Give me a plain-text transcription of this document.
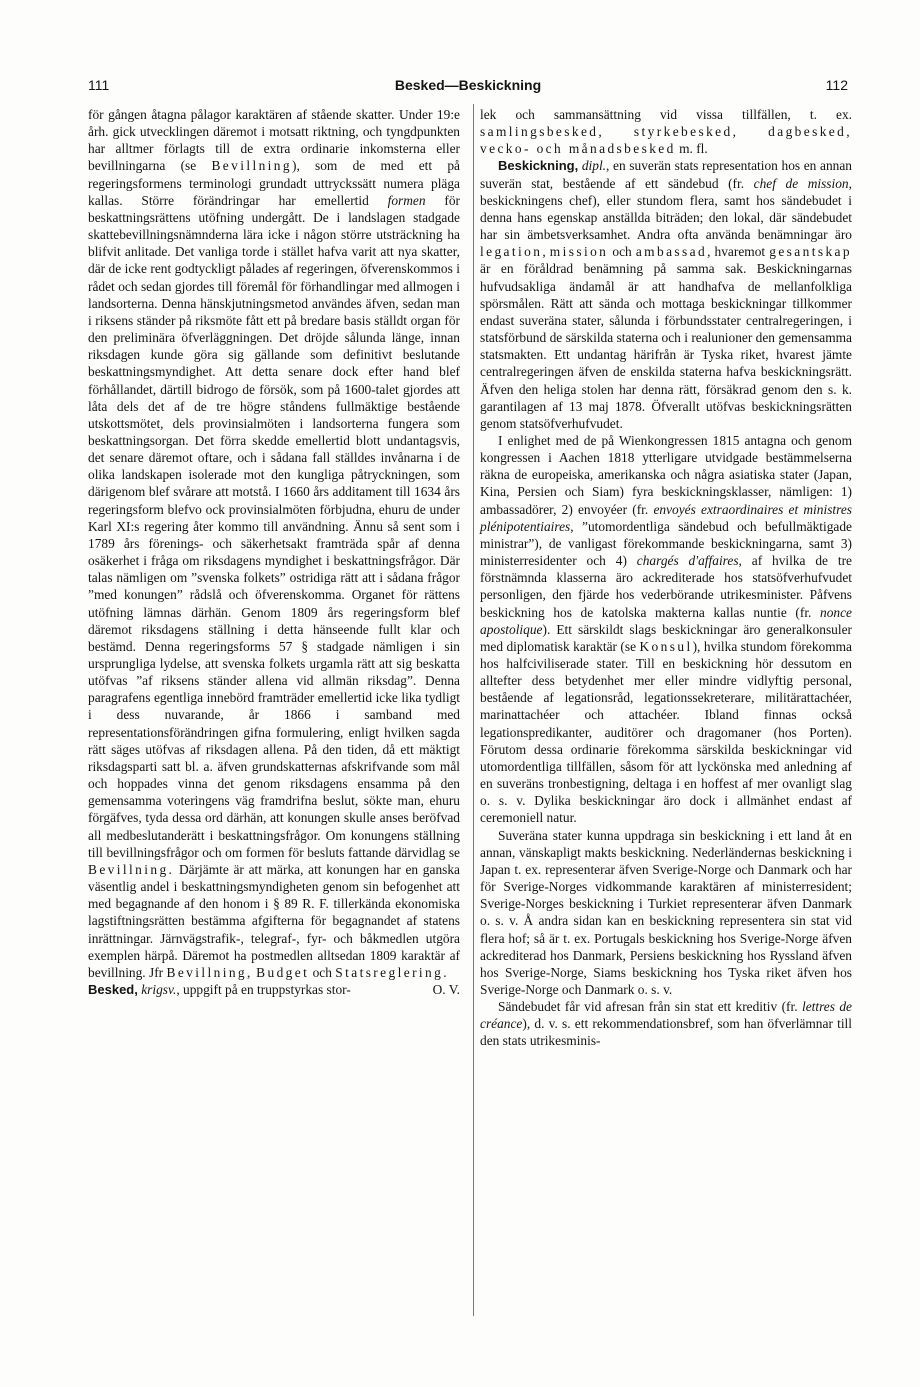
111	Besked—Beskickning	112

för gången åtagna pålagor karaktären af stående skatter. Under 19:e årh. gick utvecklingen däremot i motsatt riktning, och tyngdpunkten har alltmer förlagts till de extra ordinarie inkomsterna eller bevillningarna (se Bevillning), som de med ett på regeringsformens terminologi grundadt uttryckssätt numera pläga kallas. Större förändringar har emellertid formen för beskattningsrättens utöfning undergått. De i landslagen stadgade skattebevillningsnämnderna lära icke i någon större utsträckning ha blifvit anlitade. Det vanliga torde i stället hafva varit att nya skatter, där de icke rent godtyckligt pålades af regeringen, öfverenskommos i rådet och sedan gjordes till föremål för förhandlingar med allmogen i landsorterna. Denna hänskjutningsmetod användes äfven, sedan man i riksens ständer på riksmöte fått ett på bredare basis ställdt organ för den preliminära öfverläggningen. Det dröjde sålunda länge, innan riksdagen kunde göra sig gällande som definitivt beslutande beskattningsmyndighet. Att detta senare dock efter hand blef förhållandet, därtill bidrogo de försök, som på 1600-talet gjordes att låta dels det af de tre högre ståndens fullmäktige bestående utskottsmötet, dels provinsialmöten i landsorterna fungera som beskattningsorgan. Det förra skedde emellertid blott undantagsvis, det senare däremot oftare, och i sådana fall ställdes invånarna i de olika landskapen isolerade mot den kungliga påtryckningen, som därigenom blef svårare att motstå. I 1660 års additament till 1634 års regeringsform blefvo ock provinsialmöten förbjudna, ehuru de under Karl XI:s regering åter kommo till användning. Ännu så sent som i 1789 års förenings- och säkerhetsakt framträda spår af denna osäkerhet i fråga om riksdagens myndighet i beskattningsfrågor. Där talas nämligen om ”svenska folkets” ostridiga rätt att i sådana frågor ”med konungen” rådslå och öfverenskomma. Organet för rättens utöfning lämnas därhän. Genom 1809 års regeringsform blef däremot riksdagens ställning i detta hänseende fullt klar och bestämd. Denna regeringsforms 57 § stadgade nämligen i sin ursprungliga lydelse, att svenska folkets urgamla rätt att sig beskatta utöfvas ”af riksens ständer allena vid allmän riksdag”. Denna paragrafens egentliga innebörd framträder emellertid icke lika tydligt i dess nuvarande, år 1866 i samband med representationsförändringen gifna formulering, enligt hvilken sagda rätt säges utöfvas af riksdagen allena. På den tiden, då ett mäktigt riksdagsparti satt bl. a. äfven grundskatternas afskrifvande som mål och hoppades vinna det genom riksdagens ensamma på den gemensamma voteringens väg framdrifna beslut, sökte man, ehuru förgäfves, tyda dessa ord därhän, att konungen skulle anses beröfvad all medbeslutanderätt i beskattningsfrågor. Om konungens ställning till bevillningsfrågor och om formen för besluts fattande därvidlag se Bevillning. Därjämte är att märka, att konungen har en ganska väsentlig andel i beskattningsmyndigheten genom sin befogenhet att med begagnande af den honom i § 89 R. F. tillerkända ekonomiska lagstiftningsrätten bestämma afgifterna för begagnandet af statens inrättningar. Järnvägstrafik-, telegraf-, fyr- och båkmedlen utgöra exemplen härpå. Däremot ha postmedlen alltsedan 1809 karaktär af bevillning. Jfr Bevillning, Budget och Statsreglering.
O. V.

Besked, krigsv., uppgift på en truppstyrkas stor-

lek och sammansättning vid vissa tillfällen, t. ex. samlingsbesked, styrkebesked, dagbesked, vecko- och månadsbesked m. fl.

Beskickning, dipl., en suverän stats representation hos en annan suverän stat, bestående af ett sändebud (fr. chef de mission, beskickningens chef), eller stundom flera, samt hos sändebudet i denna hans egenskap anställda biträden; den lokal, där sändebudet har sin ämbetsverksamhet. Andra ofta använda benämningar äro legation, mission och ambassad, hvaremot gesantskap är en föråldrad benämning på samma sak. Beskickningarnas hufvudsakliga ändamål är att handhafva de mellanfolkliga spörsmålen. Rätt att sända och mottaga beskickningar tillkommer endast suveräna stater, sålunda i förbundsstater centralregeringen, i statsförbund de särskilda staterna och i realunioner den gemensamma statsmakten. Ett undantag härifrån är Tyska riket, hvarest jämte centralregeringen äfven de enskilda staterna hafva beskickningsrätt. Äfven den heliga stolen har denna rätt, försäkrad genom den s. k. garantilagen af 13 maj 1878. Öfverallt utöfvas beskickningsrätten genom statsöfverhufvudet.

I enlighet med de på Wienkongressen 1815 antagna och genom kongressen i Aachen 1818 ytterligare utvidgade bestämmelserna räkna de europeiska, amerikanska och några asiatiska stater (Japan, Kina, Persien och Siam) fyra beskickningsklasser, nämligen: 1) ambassadörer, 2) envoyéer (fr. envoyés extraordinaires et ministres plénipotentiaires, ”utomordentliga sändebud och befullmäktigade ministrar”), de vanligast förekommande beskickningarna, samt 3) ministerresidenter och 4) chargés d'affaires, af hvilka de tre förstnämnda klasserna äro ackrediterade hos statsöfverhufvudet personligen, den fjärde hos vederbörande utrikesminister. Påfvens beskickning hos de katolska makterna kallas nuntie (fr. nonce apostolique). Ett särskildt slags beskickningar äro generalkonsuler med diplomatisk karaktär (se Konsul), hvilka stundom förekomma hos halfciviliserade stater. Till en beskickning hör dessutom en alltefter dess betydenhet mer eller mindre vidlyftig personal, bestående af legationsråd, legationssekreterare, militärattachéer, marinattachéer och attachéer. Ibland finnas också legationspredikanter, auditörer och dragomaner (hos Porten). Förutom dessa ordinarie förekomma särskilda beskickningar vid utomordentliga tillfällen, såsom för att lyckönska med anledning af en suveräns tronbestigning, deltaga i en hoffest af mer ovanligt slag o. s. v. Dylika beskickningar äro dock i allmänhet endast af ceremoniell natur.

Suveräna stater kunna uppdraga sin beskickning i ett land åt en annan, vänskapligt makts beskickning. Nederländernas beskickning i Japan t. ex. representerar äfven Sverige-Norge och Danmark och har för Sverige-Norges vidkommande karaktären af ministerresident; Sverige-Norges beskickning i Turkiet representerar äfven Danmark o. s. v. Å andra sidan kan en beskickning representera sin stat vid flera hof; så är t. ex. Portugals beskickning hos Sverige-Norge äfven ackrediterad hos Danmark, Persiens beskickning hos Ryssland äfven hos Sverige-Norge, Siams beskickning hos Tyska riket äfven hos Sverige-Norge och Danmark o. s. v.

Sändebudet får vid afresan från sin stat ett kreditiv (fr. lettres de créance), d. v. s. ett rekommendationsbref, som han öfverlämnar till den stats utrikesminis-
